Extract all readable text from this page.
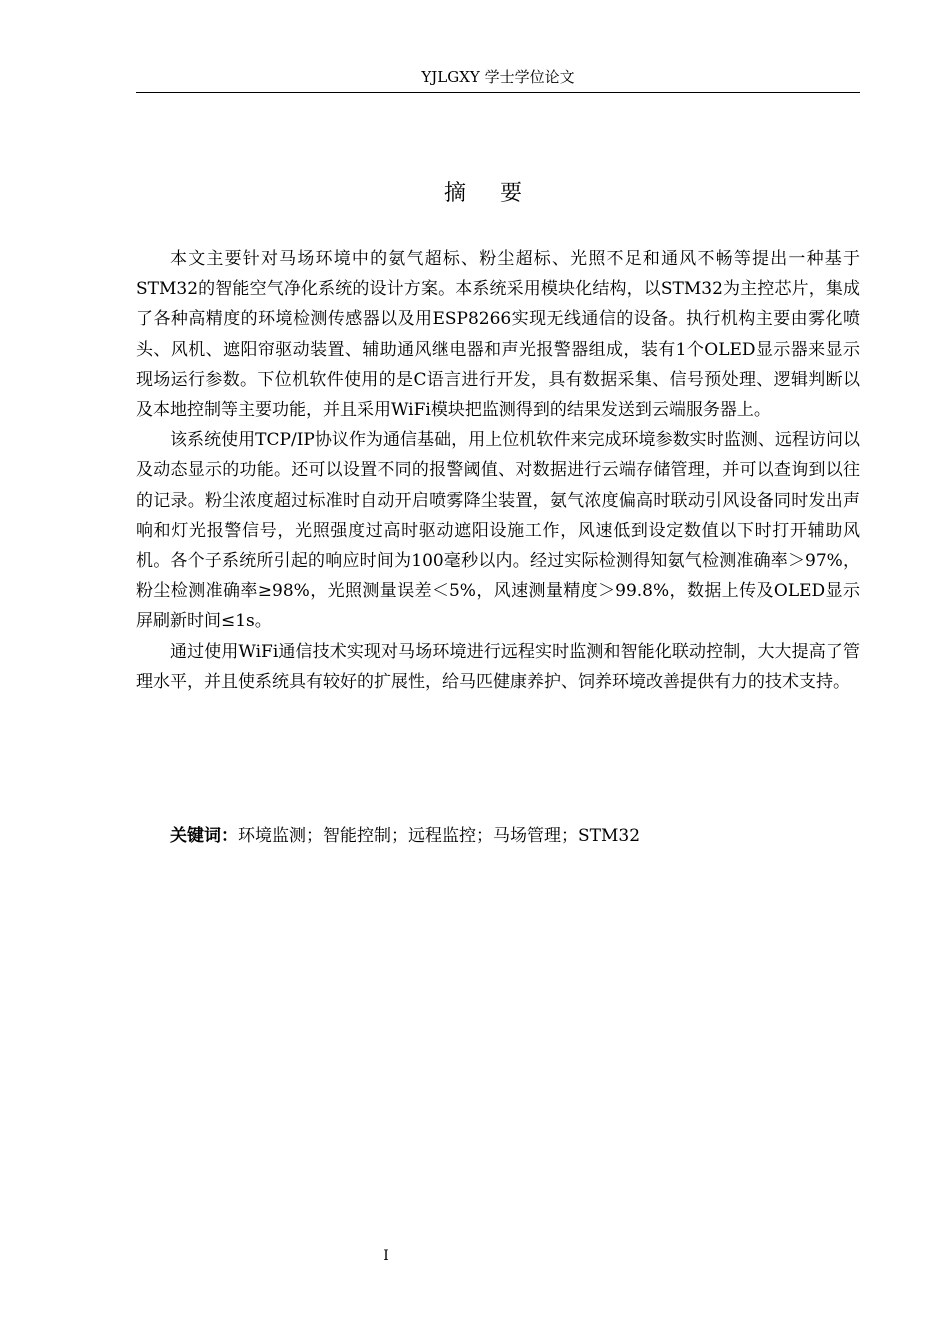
YJLGXY 学士学位论文
摘要

本文主要针对马场环境中的氨气超标、粉尘超标、光照不足和通风不畅等提出一种基于STM32的智能空气净化系统的设计方案。本系统采用模块化结构，以STM32为主控芯片，集成了各种高精度的环境检测传感器以及用ESP8266实现无线通信的设备。执行机构主要由雾化喷头、风机、遮阳帘驱动装置、辅助通风继电器和声光报警器组成，装有1个OLED显示器来显示现场运行参数。下位机软件使用的是C语言进行开发，具有数据采集、信号预处理、逻辑判断以及本地控制等主要功能，并且采用WiFi模块把监测得到的结果发送到云端服务器上。

该系统使用TCP/IP协议作为通信基础，用上位机软件来完成环境参数实时监测、远程访问以及动态显示的功能。还可以设置不同的报警阈值、对数据进行云端存储管理，并可以查询到以往的记录。粉尘浓度超过标准时自动开启喷雾降尘装置，氨气浓度偏高时联动引风设备同时发出声响和灯光报警信号，光照强度过高时驱动遮阳设施工作，风速低到设定数值以下时打开辅助风机。各个子系统所引起的响应时间为100毫秒以内。经过实际检测得知氨气检测准确率＞97%，粉尘检测准确率≥98%，光照测量误差＜5%，风速测量精度＞99.8%，数据上传及OLED显示屏刷新时间≤1s。

通过使用WiFi通信技术实现对马场环境进行远程实时监测和智能化联动控制，大大提高了管理水平，并且使系统具有较好的扩展性，给马匹健康养护、饲养环境改善提供有力的技术支持。

关键词：环境监测；智能控制；远程监控；马场管理；STM32
I
